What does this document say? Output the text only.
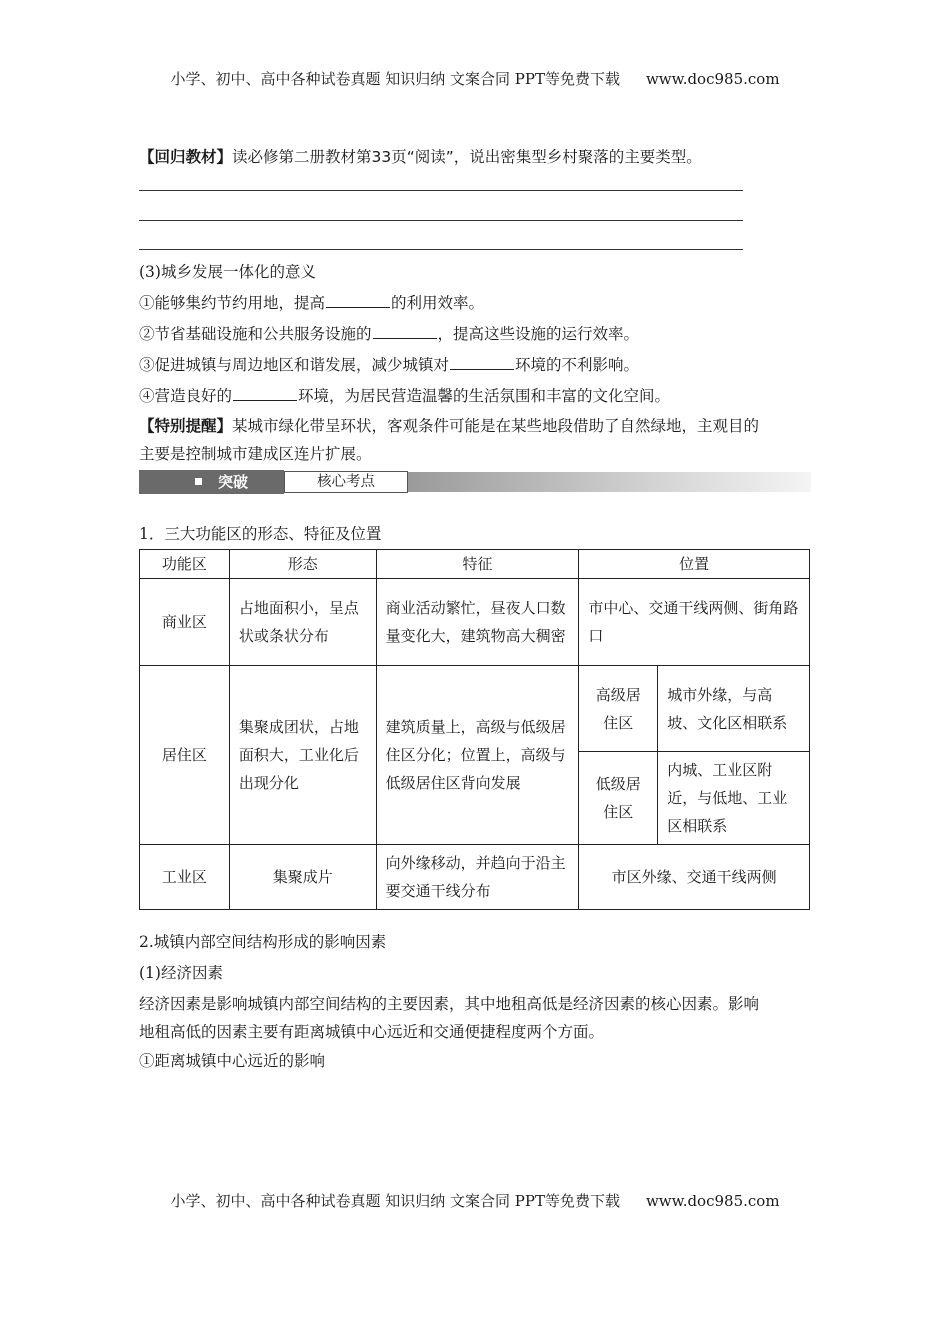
小学、初中、高中各种试卷真题 知识归纳 文案合同 PPT等免费下载 www.doc985.com
【回归教材】读必修第二册教材第33页“阅读”，说出密集型乡村聚落的主要类型。
(3)城乡发展一体化的意义
①能够集约节约用地，提高	的利用效率。
②节省基础设施和公共服务设施的	，提高这些设施的运行效率。
③促进城镇与周边地区和谐发展，减少城镇对	环境的不利影响。
④营造良好的	环境，为居民营造温馨的生活氛围和丰富的文化空间。
【特别提醒】某城市绿化带呈环状，客观条件可能是在某些地段借助了自然绿地，主观目的
主要是控制城市建成区连片扩展。
突破	核心考点
1．三大功能区的形态、特征及位置
功能区	形态	特征	位置	
商业区	占地面积小，呈点状或条状分布	商业活动繁忙，昼夜人口数量变化大，建筑物高大稠密	市中心、交通干线两侧、街角路口	
居住区	集聚成团状，占地面积大，工业化后出现分化	建筑质量上，高级与低级居住区分化；位置上，高级与低级居住区背向发展	高级居住区	城市外缘，与高坡、文化区相联系
			低级居住区	内城、工业区附近，与低地、工业区相联系
工业区	集聚成片	向外缘移动，并趋向于沿主要交通干线分布	市区外缘、交通干线两侧	
2.城镇内部空间结构形成的影响因素
(1)经济因素
经济因素是影响城镇内部空间结构的主要因素，其中地租高低是经济因素的核心因素。影响
地租高低的因素主要有距离城镇中心远近和交通便捷程度两个方面。
①距离城镇中心远近的影响
小学、初中、高中各种试卷真题 知识归纳 文案合同 PPT等免费下载 www.doc985.com
